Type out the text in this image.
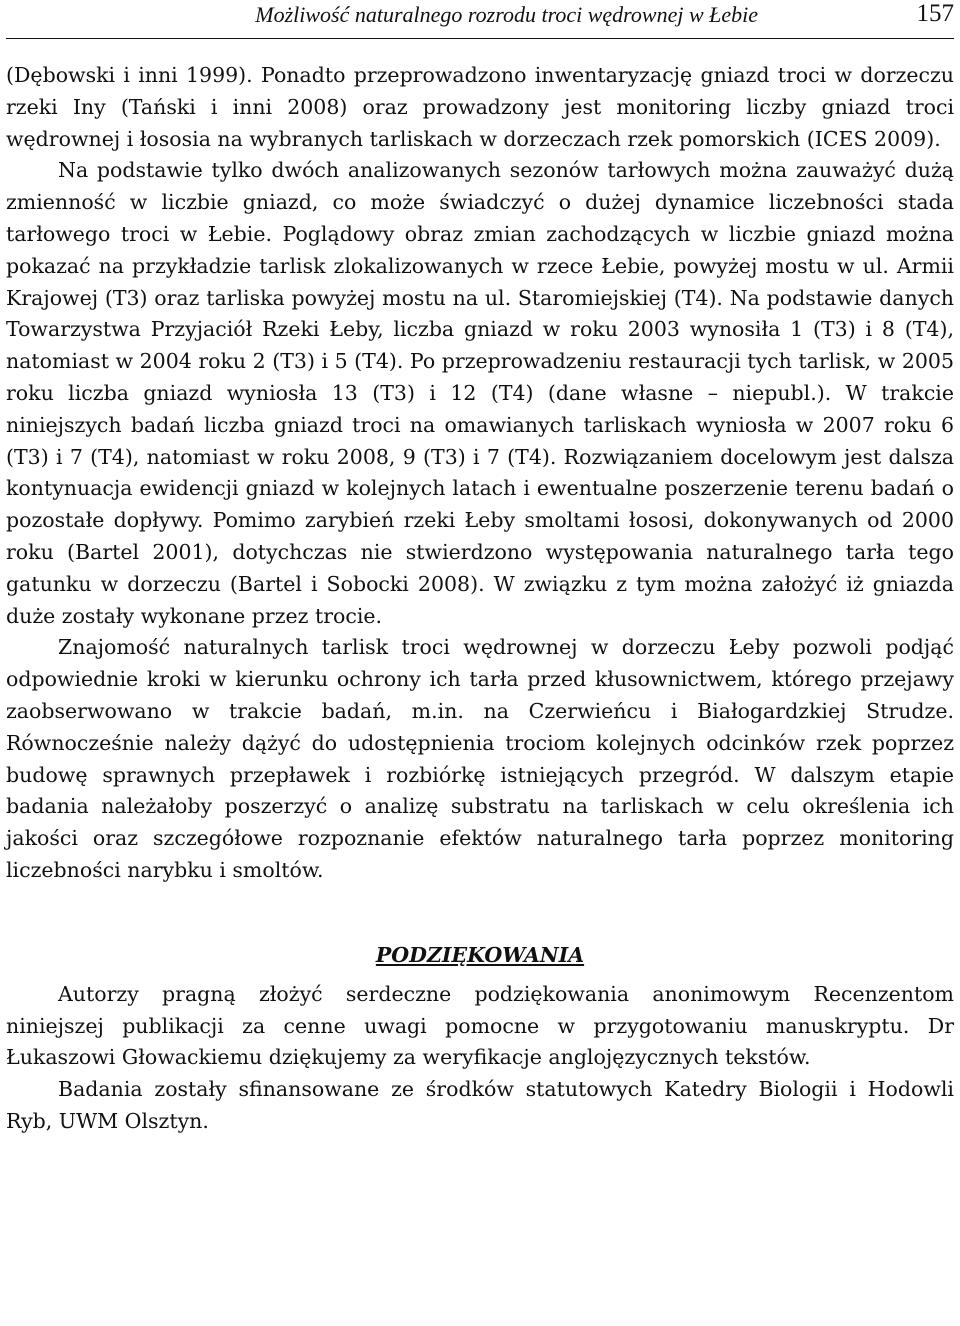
Możliwość naturalnego rozrodu troci wędrownej w Łebie	157

(Dębowski i inni 1999). Ponadto przeprowadzono inwentaryzację gniazd troci w dorzeczu rzeki Iny (Tański i inni 2008) oraz prowadzony jest monitoring liczby gniazd troci wędrownej i łososia na wybranych tarliskach w dorzeczach rzek pomorskich (ICES 2009).

Na podstawie tylko dwóch analizowanych sezonów tarłowych można zauważyć dużą zmienność w liczbie gniazd, co może świadczyć o dużej dynamice liczebności stada tarłowego troci w Łebie. Poglądowy obraz zmian zachodzących w liczbie gniazd można pokazać na przykładzie tarlisk zlokalizowanych w rzece Łebie, powyżej mostu w ul. Armii Krajowej (T3) oraz tarliska powyżej mostu na ul. Staromiejskiej (T4). Na podstawie danych Towarzystwa Przyjaciół Rzeki Łeby, liczba gniazd w roku 2003 wynosiła 1 (T3) i 8 (T4), natomiast w 2004 roku 2 (T3) i 5 (T4). Po przeprowadzeniu restauracji tych tarlisk, w 2005 roku liczba gniazd wyniosła 13 (T3) i 12 (T4) (dane własne – niepubl.). W trakcie niniejszych badań liczba gniazd troci na omawianych tarliskach wyniosła w 2007 roku 6 (T3) i 7 (T4), natomiast w roku 2008, 9 (T3) i 7 (T4). Rozwiązaniem docelowym jest dalsza kontynuacja ewidencji gniazd w kolejnych latach i ewentualne poszerzenie terenu badań o pozostałe dopływy. Pomimo zarybień rzeki Łeby smoltami łososi, dokonywanych od 2000 roku (Bartel 2001), dotychczas nie stwierdzono występowania naturalnego tarła tego gatunku w dorzeczu (Bartel i Sobocki 2008). W związku z tym można założyć iż gniazda duże zostały wykonane przez trocie.

Znajomość naturalnych tarlisk troci wędrownej w dorzeczu Łeby pozwoli podjąć odpowiednie kroki w kierunku ochrony ich tarła przed kłusownictwem, którego przejawy zaobserwowano w trakcie badań, m.in. na Czerwieńcu i Białogardzkiej Strudze. Równocześnie należy dążyć do udostępnienia trociom kolejnych odcinków rzek poprzez budowę sprawnych przepławek i rozbiórkę istniejących przegród. W dalszym etapie badania należałoby poszerzyć o analizę substratu na tarliskach w celu określenia ich jakości oraz szczegółowe rozpoznanie efektów naturalnego tarła poprzez monitoring liczebności narybku i smoltów.

PODZIĘKOWANIA

Autorzy pragną złożyć serdeczne podziękowania anonimowym Recenzentom niniejszej publikacji za cenne uwagi pomocne w przygotowaniu manuskryptu. Dr Łukaszowi Głowackiemu dziękujemy za weryfikacje anglojęzycznych tekstów.

Badania zostały sfinansowane ze środków statutowych Katedry Biologii i Hodowli Ryb, UWM Olsztyn.
